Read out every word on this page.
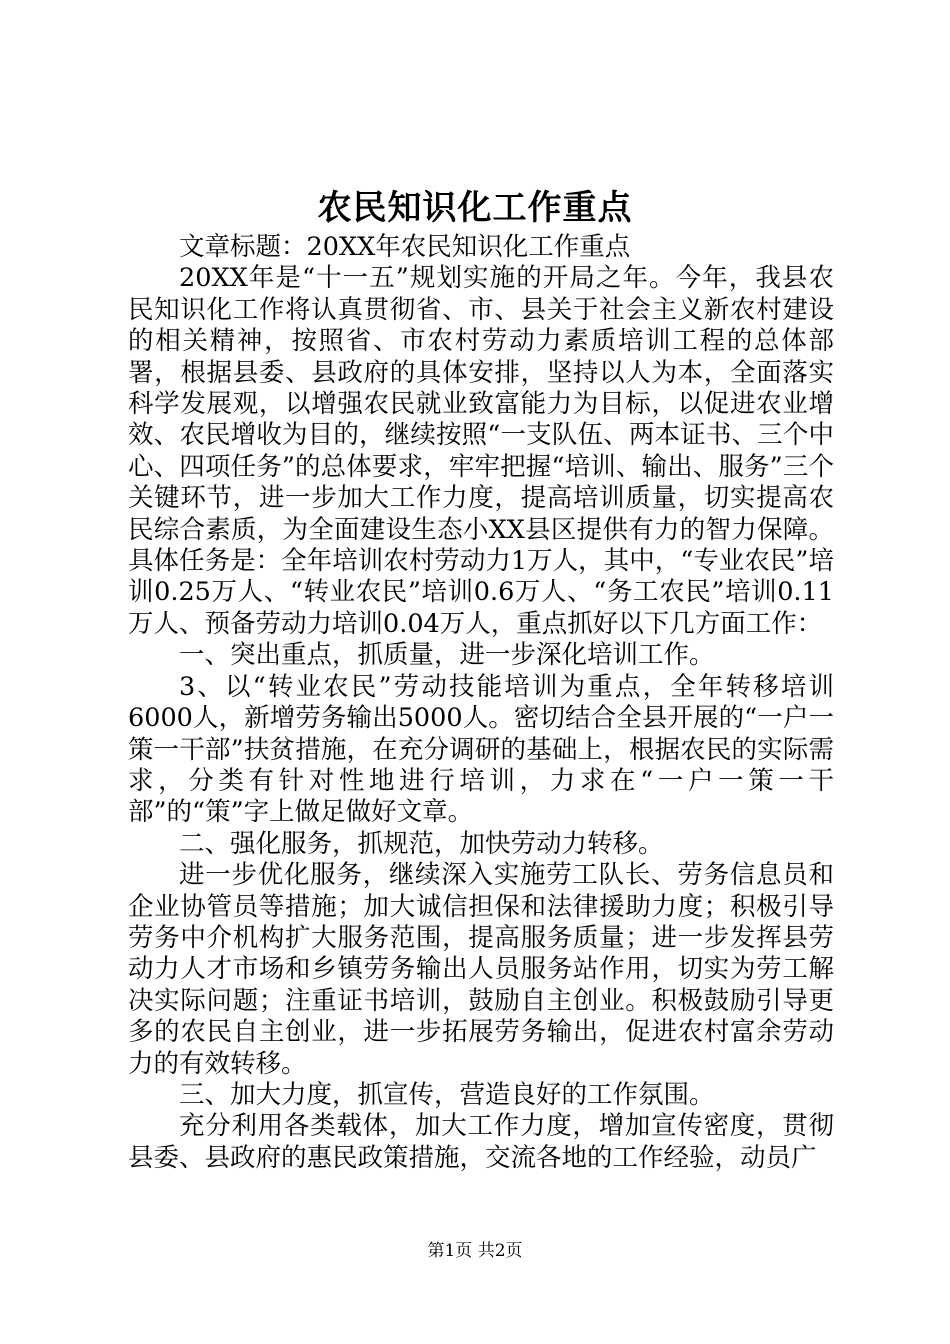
农民知识化工作重点

文章标题：20XX年农民知识化工作重点

20XX年是“十一五”规划实施的开局之年。今年，我县农民知识化工作将认真贯彻省、市、县关于社会主义新农村建设的相关精神，按照省、市农村劳动力素质培训工程的总体部署，根据县委、县政府的具体安排，坚持以人为本，全面落实科学发展观，以增强农民就业致富能力为目标，以促进农业增效、农民增收为目的，继续按照“一支队伍、两本证书、三个中心、四项任务”的总体要求，牢牢把握“培训、输出、服务”三个关键环节，进一步加大工作力度，提高培训质量，切实提高农民综合素质，为全面建设生态小XX县区提供有力的智力保障。具体任务是：全年培训农村劳动力1万人，其中，“专业农民”培训0.25万人、“转业农民”培训0.6万人、“务工农民”培训0.11万人、预备劳动力培训0.04万人，重点抓好以下几方面工作：

一、突出重点，抓质量，进一步深化培训工作。

3、以“转业农民”劳动技能培训为重点，全年转移培训6000人，新增劳务输出5000人。密切结合全县开展的“一户一策一干部”扶贫措施，在充分调研的基础上，根据农民的实际需求，分类有针对性地进行培训，力求在“一户一策一干部”的“策”字上做足做好文章。

二、强化服务，抓规范，加快劳动力转移。

进一步优化服务，继续深入实施劳工队长、劳务信息员和企业协管员等措施；加大诚信担保和法律援助力度；积极引导劳务中介机构扩大服务范围，提高服务质量；进一步发挥县劳动力人才市场和乡镇劳务输出人员服务站作用，切实为劳工解决实际问题；注重证书培训，鼓励自主创业。积极鼓励引导更多的农民自主创业，进一步拓展劳务输出，促进农村富余劳动力的有效转移。

三、加大力度，抓宣传，营造良好的工作氛围。

充分利用各类载体，加大工作力度，增加宣传密度，贯彻县委、县政府的惠民政策措施，交流各地的工作经验，动员广

第1页 共2页
